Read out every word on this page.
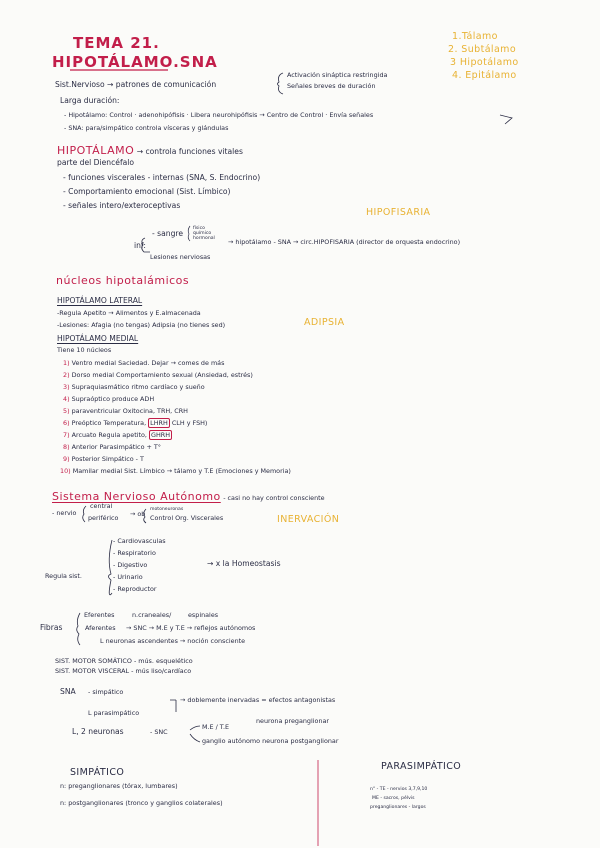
TEMA 21.
HIPOTÁLAMO.SNA
1.Tálamo
2. Subtálamo
3 Hipotálamo
4. Epitálamo
Sist.Nervioso → patrones de comunicación
Activación sináptica restringida
Señales breves de duración
Larga duración:
- Hipotálamo: Control · adenohipófisis · Libera neurohipófisis → Centro de Control · Envía señales
- SNA: para/simpático controla vísceras y glándulas
HIPOTÁLAMO → controla funciones vitales
parte del Diencéfalo
- funciones viscerales - internas (SNA, S. Endocrino)
- Comportamiento emocional (Sist. Límbico)
- señales intero/exteroceptivas
HIPOFISARIA
inf:
- sangre
físico
químico
hormonal → hipotálamo - SNA → circ.HIPOFISARIA (director de orquesta endocrino)
Lesiones nerviosas
núcleos hipotalámicos
HIPOTÁLAMO LATERAL
-Regula Apetito → Alimentos y E.almacenada
-Lesiones: Afagia (no tengas) Adipsia (no tienes sed)	ADIPSIA
HIPOTÁLAMO MEDIAL
Tiene 10 núcleos
1) Ventro medial Saciedad. Dejar → comes de más
2) Dorso medial Comportamiento sexual (Ansiedad, estrés)
3) Supraquiasmático ritmo cardíaco y sueño
4) Supraóptico produce ADH
5) paraventricular Oxitocina, TRH, CRH
6) Preóptico Temperatura, LHRH CLH y FSH)
7) Arcuato Regula apetito, GHRH
8) Anterior Parasimpático + T°
9) Posterior Simpático - T
10) Mamilar medial Sist. Límbico → tálamo y T.E (Emociones y Memoria)
Sistema Nervioso Autónomo - casi no hay control consciente
- nervio
central
periférico → ob
motoneuronas
Control Org. Viscerales	INERVACIÓN
- Cardiovasculas
- Respiratorio
- Digestivo
- Urinario
- Reproductor
Regula sist.
→ x la Homeostasis
Eferentes	n.craneales/	espinales
Fibras	Aferentes → SNC → M.E y T.E → reflejos autónomos
L neuronas ascendentes → noción consciente
SIST. MOTOR SOMÁTICO - mús. esquelético
SIST. MOTOR VISCERAL - mús liso/cardíaco
SNA - simpático
L parasimpático
→ doblemente inervadas = efectos antagonistas
neurona preganglionar
L, 2 neuronas	- SNC
M.E / T.E
ganglio autónomo neurona postganglionar
SIMPÁTICO
n: preganglionares (tórax, lumbares)
n: postganglionares (tronco y ganglios colaterales)
PARASIMPÁTICO
n° - TE - nervios 3,7,9,10
ME - sacros, pélvis
preganglionares - largos
